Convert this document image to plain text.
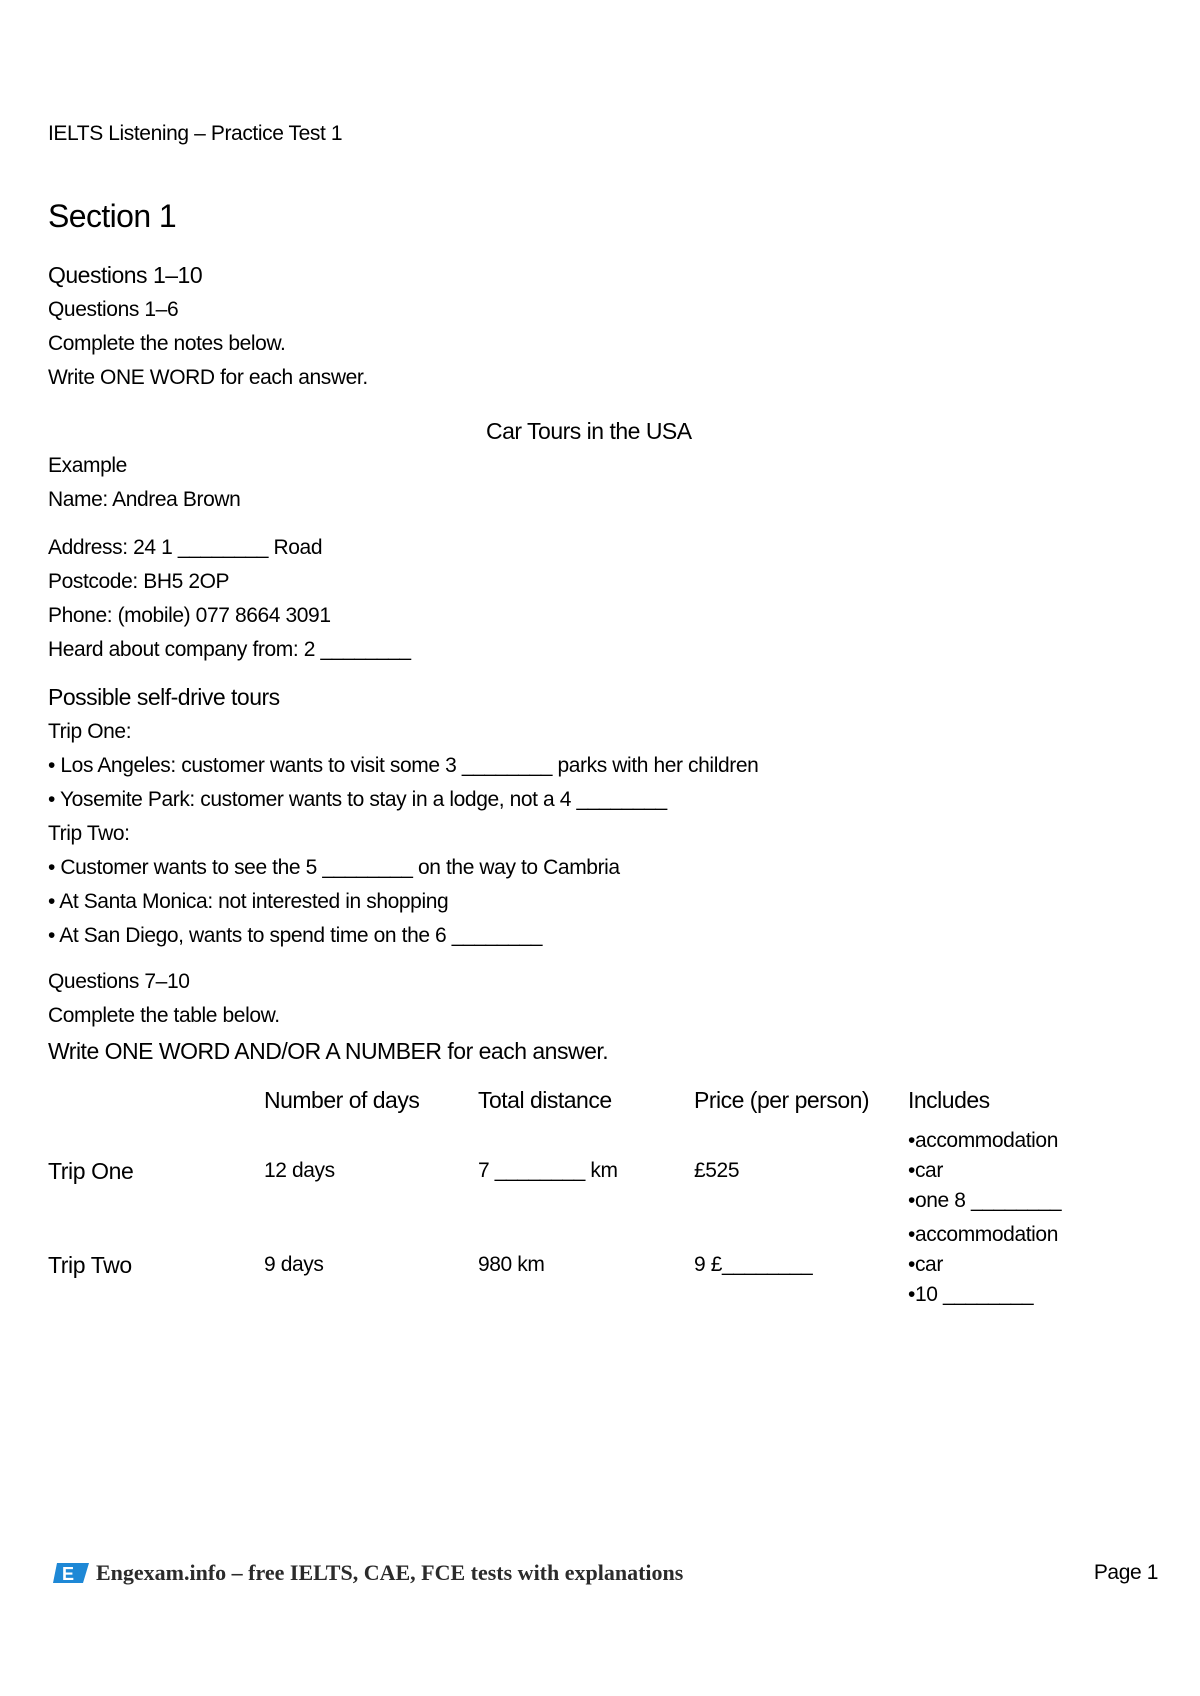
IELTS Listening – Practice Test 1
Section 1
Questions 1–10
Questions 1–6
Complete the notes below.
Write ONE WORD for each answer.
Car Tours in the USA
Example
Name: Andrea Brown
Address: 24 1 ________ Road
Postcode: BH5 2OP
Phone: (mobile) 077 8664 3091
Heard about company from: 2 ________
Possible self-drive tours
Trip One:
• Los Angeles: customer wants to visit some 3 ________ parks with her children
• Yosemite Park: customer wants to stay in a lodge, not a 4 ________
Trip Two:
• Customer wants to see the 5 ________ on the way to Cambria
• At Santa Monica: not interested in shopping
• At San Diego, wants to spend time on the 6 ________
Questions 7–10
Complete the table below.
Write ONE WORD AND/OR A NUMBER for each answer.
	Number of days	Total distance	Price (per person)	Includes
Trip One	12 days	7 ________ km	£525	•accommodation
•car
•one 8 ________

Trip Two	9 days	980 km	9 £________	•accommodation
•car
•10 ________
E Engexam.info – free IELTS, CAE, FCE tests with explanations	Page 1
